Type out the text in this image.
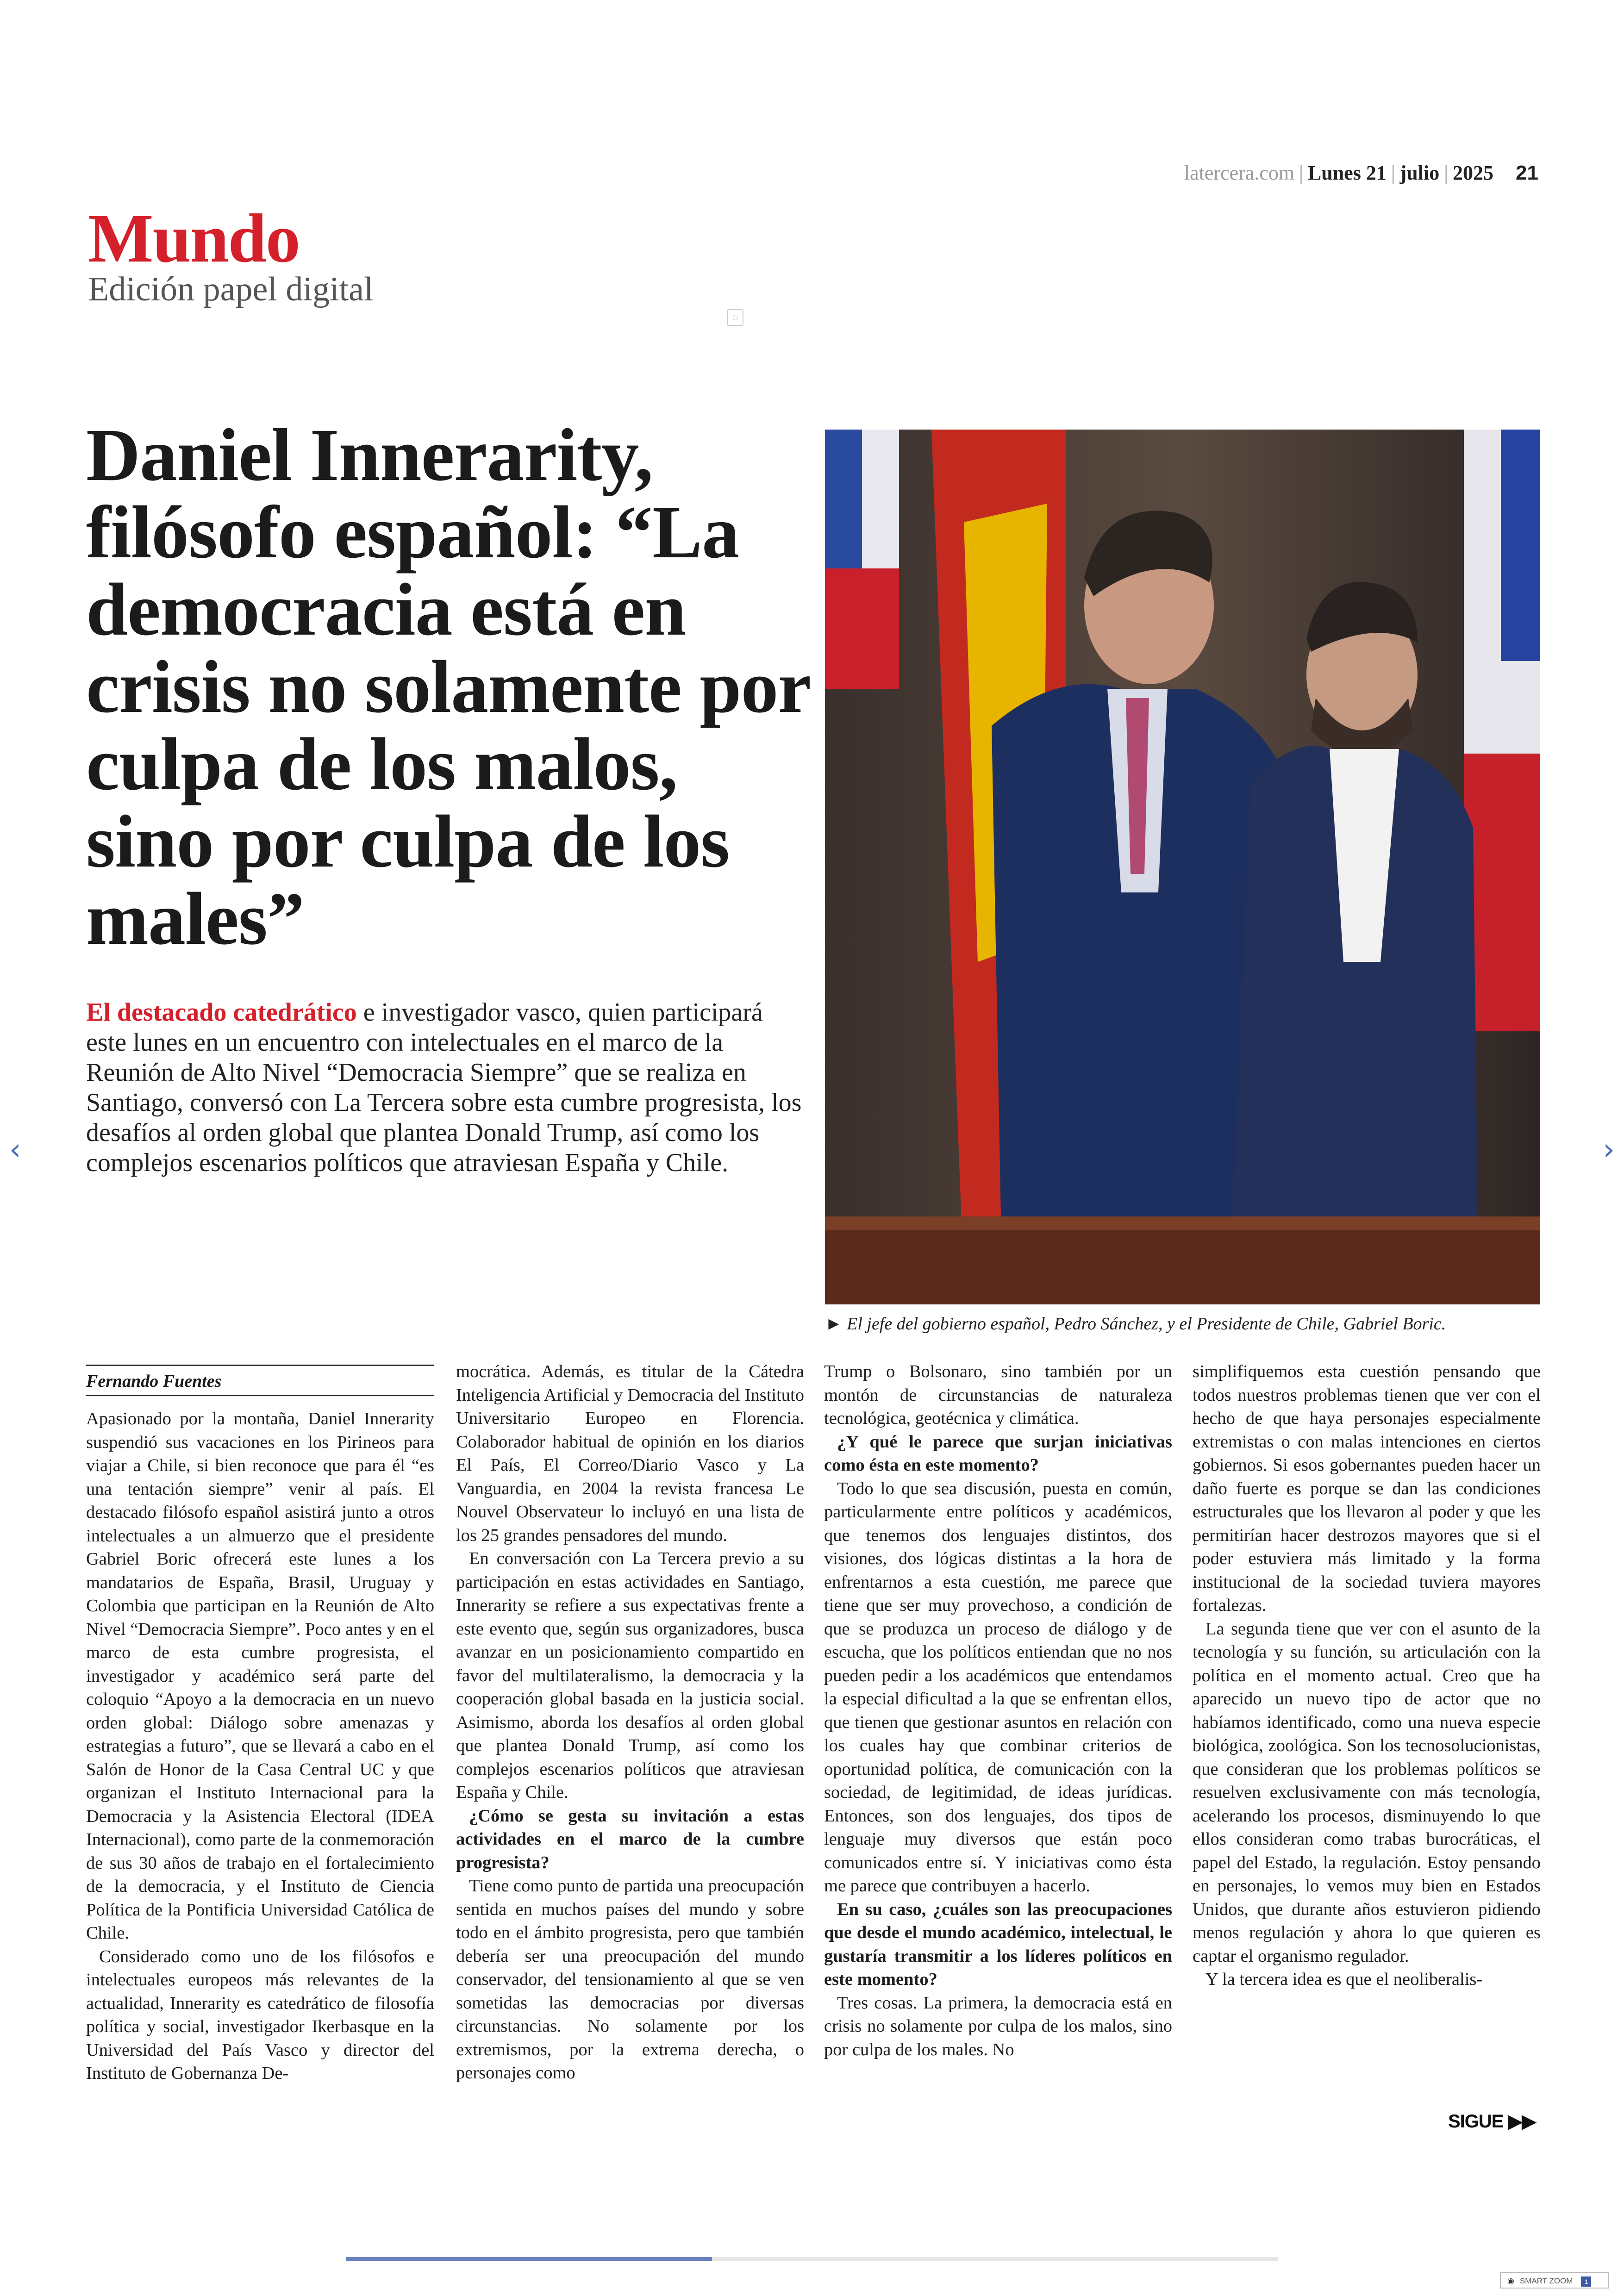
latercera.com | Lunes 21 | julio | 2025 21
Mundo
Edición papel digital
▫
Daniel Innerarity, filósofo español: “La democracia está en crisis no solamente por culpa de los malos, sino por culpa de los males”

El destacado catedrático e investigador vasco, quien participará este lunes en un encuentro con intelectuales en el marco de la Reunión de Alto Nivel “Democracia Siempre” que se realiza en Santiago, conversó con La Tercera sobre esta cumbre progresista, los desafíos al orden global que plantea Donald Trump, así como los complejos escenarios políticos que atraviesan España y Chile.

► El jefe del gobierno español, Pedro Sánchez, y el Presidente de Chile, Gabriel Boric.
‹	›
Fernando Fuentes

Apasionado por la montaña, Daniel Innerarity suspendió sus vacaciones en los Pirineos para viajar a Chile, si bien reconoce que para él “es una tentación siempre” venir al país. El destacado filósofo español asistirá junto a otros intelectuales a un almuerzo que el presidente Gabriel Boric ofrecerá este lunes a los mandatarios de España, Brasil, Uruguay y Colombia que participan en la Reunión de Alto Nivel “Democracia Siempre”. Poco antes y en el marco de esta cumbre progresista, el investigador y académico será parte del coloquio “Apoyo a la democracia en un nuevo orden global: Diálogo sobre amenazas y estrategias a futuro”, que se llevará a cabo en el Salón de Honor de la Casa Central UC y que organizan el Instituto Internacional para la Democracia y la Asistencia Electoral (IDEA Internacional), como parte de la conmemoración de sus 30 años de trabajo en el fortalecimiento de la democracia, y el Instituto de Ciencia Política de la Pontificia Universidad Católica de Chile.

Considerado como uno de los filósofos e intelectuales europeos más relevantes de la actualidad, Innerarity es catedrático de filosofía política y social, investigador Ikerbasque en la Universidad del País Vasco y director del Instituto de Gobernanza De-

mocrática. Además, es titular de la Cátedra Inteligencia Artificial y Democracia del Instituto Universitario Europeo en Florencia. Colaborador habitual de opinión en los diarios El País, El Correo/Diario Vasco y La Vanguardia, en 2004 la revista francesa Le Nouvel Observateur lo incluyó en una lista de los 25 grandes pensadores del mundo.

En conversación con La Tercera previo a su participación en estas actividades en Santiago, Innerarity se refiere a sus expectativas frente a este evento que, según sus organizadores, busca avanzar en un posicionamiento compartido en favor del multilateralismo, la democracia y la cooperación global basada en la justicia social. Asimismo, aborda los desafíos al orden global que plantea Donald Trump, así como los complejos escenarios políticos que atraviesan España y Chile.

¿Cómo se gesta su invitación a estas actividades en el marco de la cumbre progresista?

Tiene como punto de partida una preocupación sentida en muchos países del mundo y sobre todo en el ámbito progresista, pero que también debería ser una preocupación del mundo conservador, del tensionamiento al que se ven sometidas las democracias por diversas circunstancias. No solamente por los extremismos, por la extrema derecha, o personajes como

Trump o Bolsonaro, sino también por un montón de circunstancias de naturaleza tecnológica, geotécnica y climática.

¿Y qué le parece que surjan iniciativas como ésta en este momento?

Todo lo que sea discusión, puesta en común, particularmente entre políticos y académicos, que tenemos dos lenguajes distintos, dos visiones, dos lógicas distintas a la hora de enfrentarnos a esta cuestión, me parece que tiene que ser muy provechoso, a condición de que se produzca un proceso de diálogo y de escucha, que los políticos entiendan que no nos pueden pedir a los académicos que entendamos la especial dificultad a la que se enfrentan ellos, que tienen que gestionar asuntos en relación con los cuales hay que combinar criterios de oportunidad política, de comunicación con la sociedad, de legitimidad, de ideas jurídicas. Entonces, son dos lenguajes, dos tipos de lenguaje muy diversos que están poco comunicados entre sí. Y iniciativas como ésta me parece que contribuyen a hacerlo.

En su caso, ¿cuáles son las preocupaciones que desde el mundo académico, intelectual, le gustaría transmitir a los líderes políticos en este momento?

Tres cosas. La primera, la democracia está en crisis no solamente por culpa de los malos, sino por culpa de los males. No

simplifiquemos esta cuestión pensando que todos nuestros problemas tienen que ver con el hecho de que haya personajes especialmente extremistas o con malas intenciones en ciertos gobiernos. Si esos gobernantes pueden hacer un daño fuerte es porque se dan las condiciones estructurales que los llevaron al poder y que les permitirían hacer destrozos mayores que si el poder estuviera más limitado y la forma institucional de la sociedad tuviera mayores fortalezas.

La segunda tiene que ver con el asunto de la tecnología y su función, su articulación con la política en el momento actual. Creo que ha aparecido un nuevo tipo de actor que no habíamos identificado, como una nueva especie biológica, zoológica. Son los tecnosolucionistas, que consideran que los problemas políticos se resuelven exclusivamente con más tecnología, acelerando los procesos, disminuyendo lo que ellos consideran como trabas burocráticas, el papel del Estado, la regulación. Estoy pensando en personajes, lo vemos muy bien en Estados Unidos, que durante años estuvieron pidiendo menos regulación y ahora lo que quieren es captar el organismo regulador.

Y la tercera idea es que el neoliberalis-

SIGUE ▶▶
◉ SMART ZOOM 1
